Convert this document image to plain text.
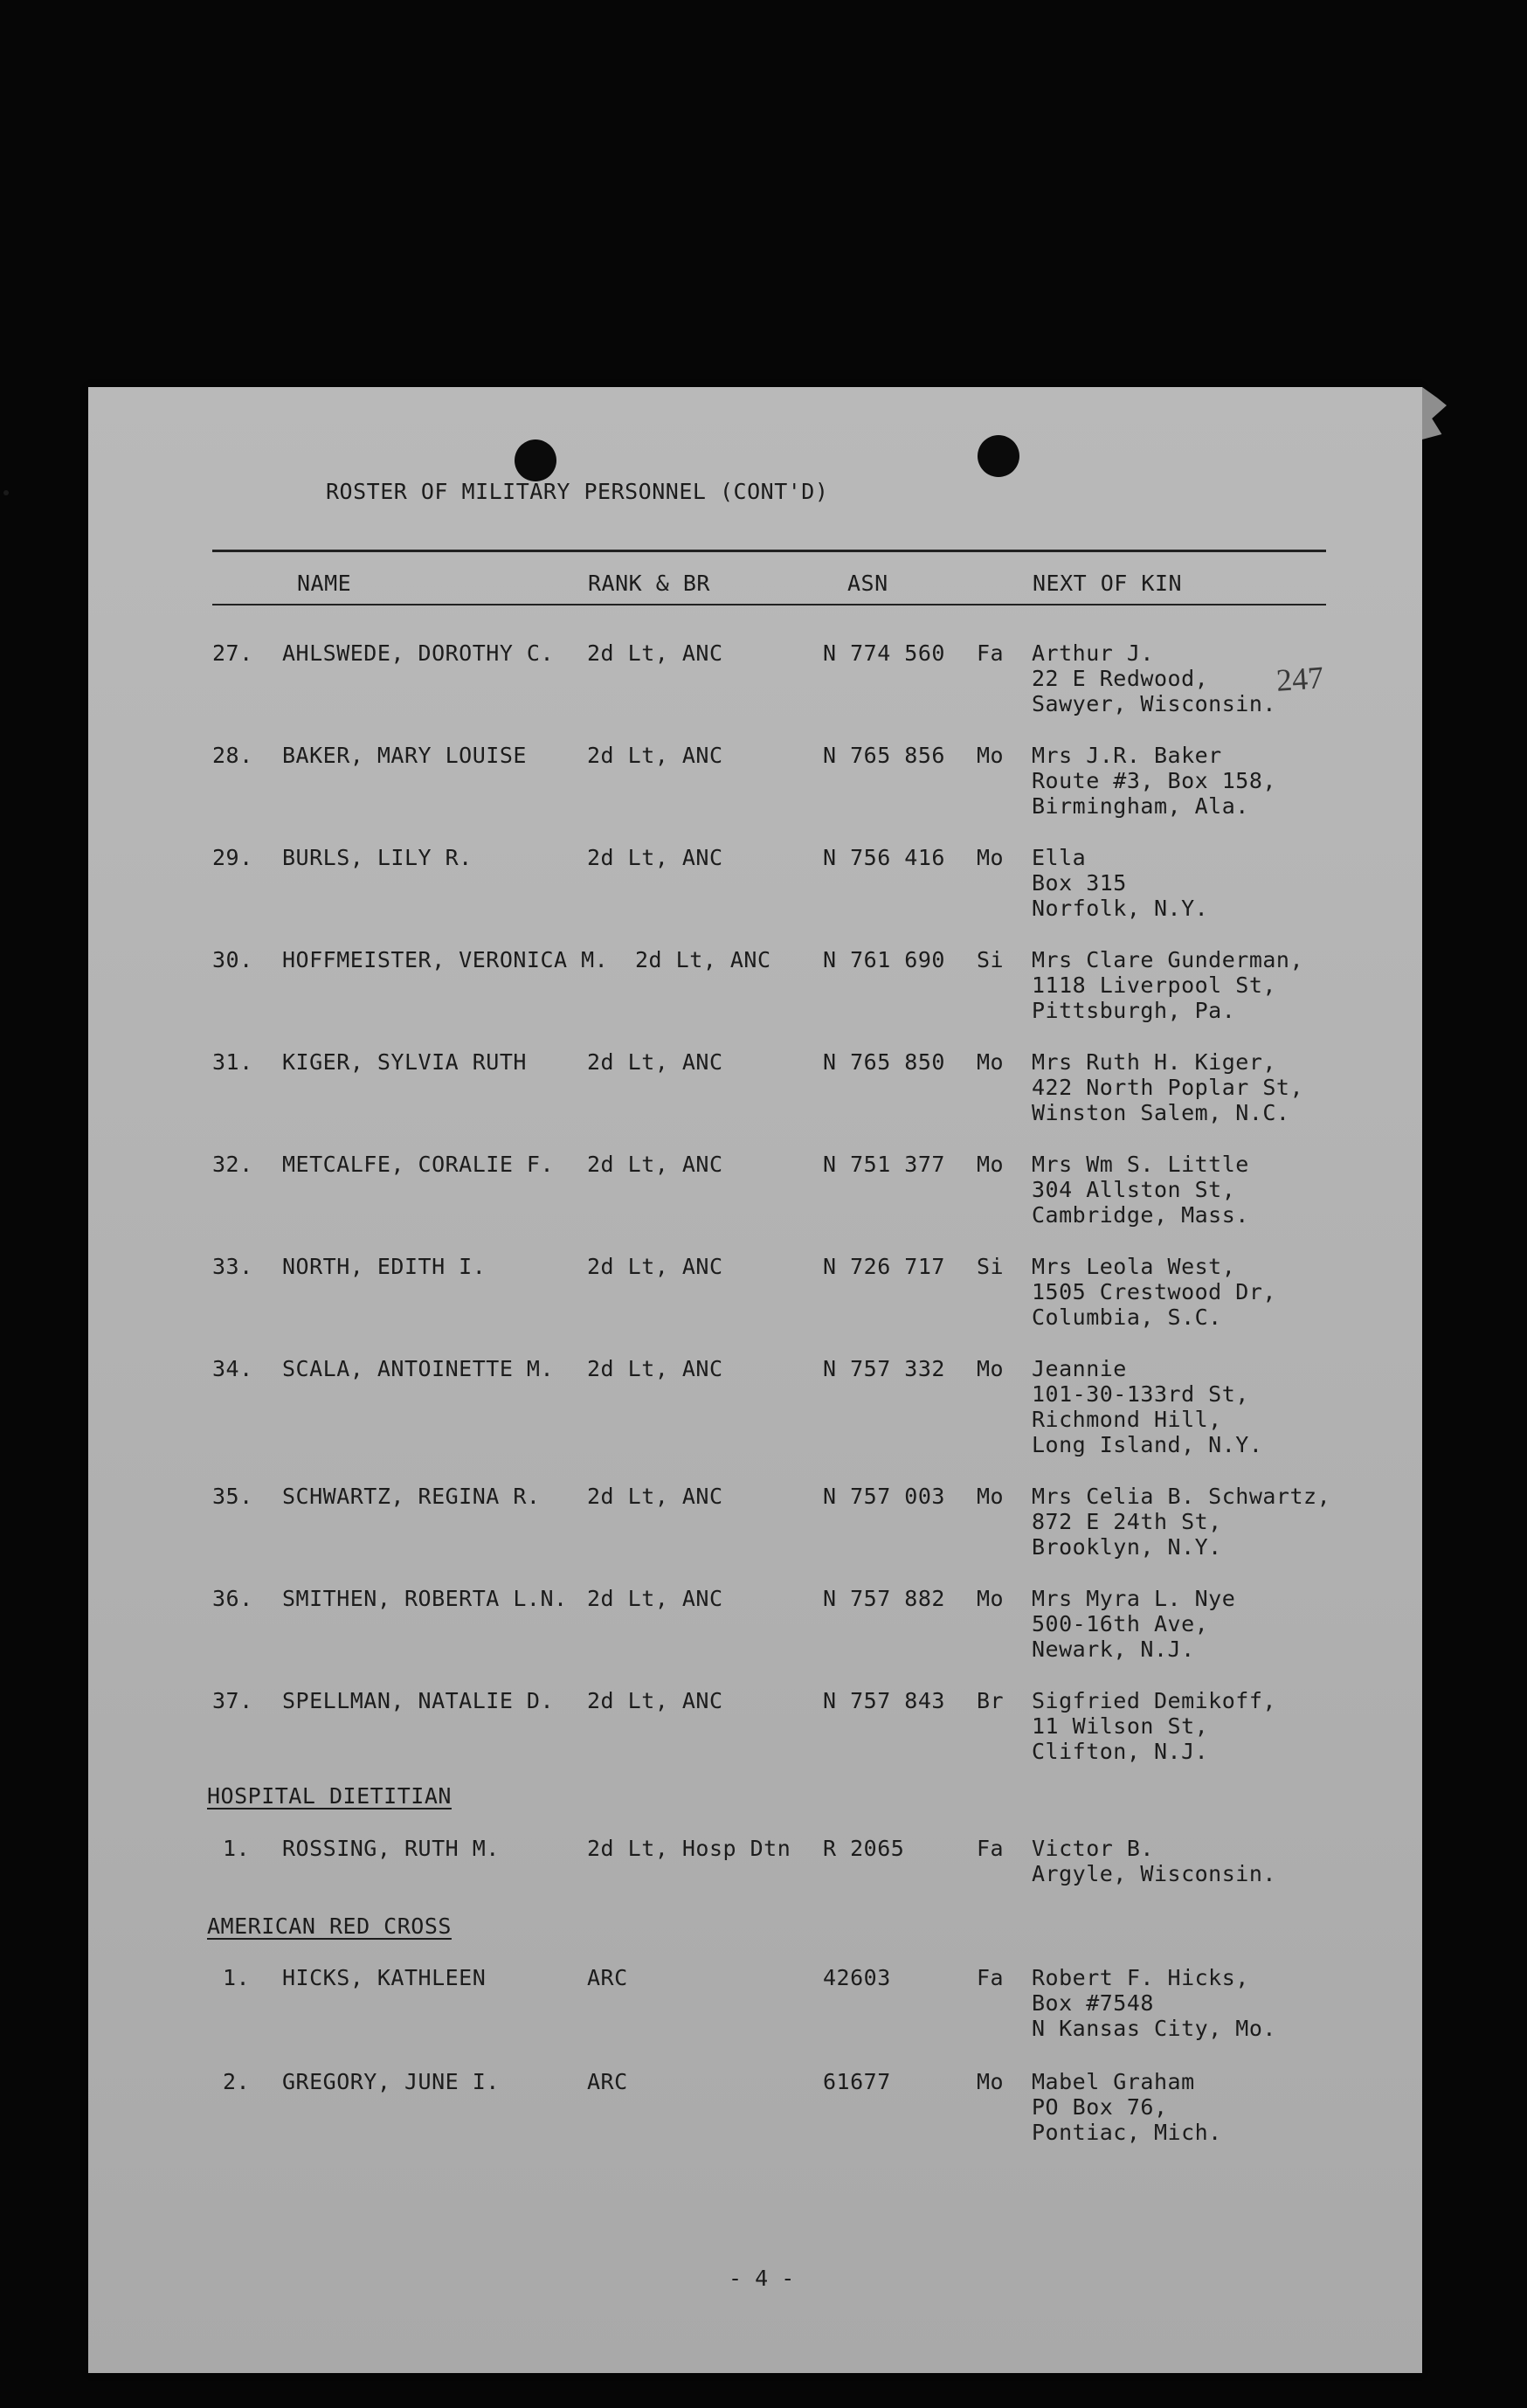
ROSTER OF MILITARY PERSONNEL (CONT'D)
NAME	RANK & BR	ASN	NEXT OF KIN
27. AHLSWEDE, DOROTHY C. 2d Lt, ANC	N 774 560 Fa Arthur J.
22 E Redwood,
Sawyer, Wisconsin.
28. BAKER, MARY LOUISE	2d Lt, ANC	N 765 856 Mo Mrs J.R. Baker
Route #3, Box 158,
Birmingham, Ala.
29. BURLS, LILY R.	2d Lt, ANC	N 756 416 Mo Ella
Box 315
Norfolk, N.Y.
30. HOFFMEISTER, VERONICA M. 2d Lt, ANC N 761 690 Si Mrs Clare Gunderman,
1118 Liverpool St,
Pittsburgh, Pa.
31. KIGER, SYLVIA RUTH	2d Lt, ANC	N 765 850 Mo Mrs Ruth H. Kiger,
422 North Poplar St,
Winston Salem, N.C.
32. METCALFE, CORALIE F. 2d Lt, ANC	N 751 377 Mo Mrs Wm S. Little
304 Allston St,
Cambridge, Mass.
33. NORTH, EDITH I.	2d Lt, ANC	N 726 717 Si Mrs Leola West,
1505 Crestwood Dr,
Columbia, S.C.
34. SCALA, ANTOINETTE M. 2d Lt, ANC	N 757 332 Mo Jeannie
101-30-133rd St,
Richmond Hill,
Long Island, N.Y.
35. SCHWARTZ, REGINA R. 2d Lt, ANC	N 757 003 Mo Mrs Celia B. Schwartz,
872 E 24th St,
Brooklyn, N.Y.
36. SMITHEN, ROBERTA L.N. 2d Lt, ANC	N 757 882 Mo Mrs Myra L. Nye
500-16th Ave,
Newark, N.J.
37. SPELLMAN, NATALIE D. 2d Lt, ANC	N 757 843 Br Sigfried Demikoff,
11 Wilson St,
Clifton, N.J.
HOSPITAL DIETITIAN
1. ROSSING, RUTH M.	2d Lt, Hosp Dtn R 2065	Fa Victor B.
Argyle, Wisconsin.
AMERICAN RED CROSS
1. HICKS, KATHLEEN	ARC	42603	Fa Robert F. Hicks,
Box #7548
N Kansas City, Mo.
2. GREGORY, JUNE I.	ARC	61677	Mo Mabel Graham
PO Box 76,
Pontiac, Mich.
247
- 4 -
